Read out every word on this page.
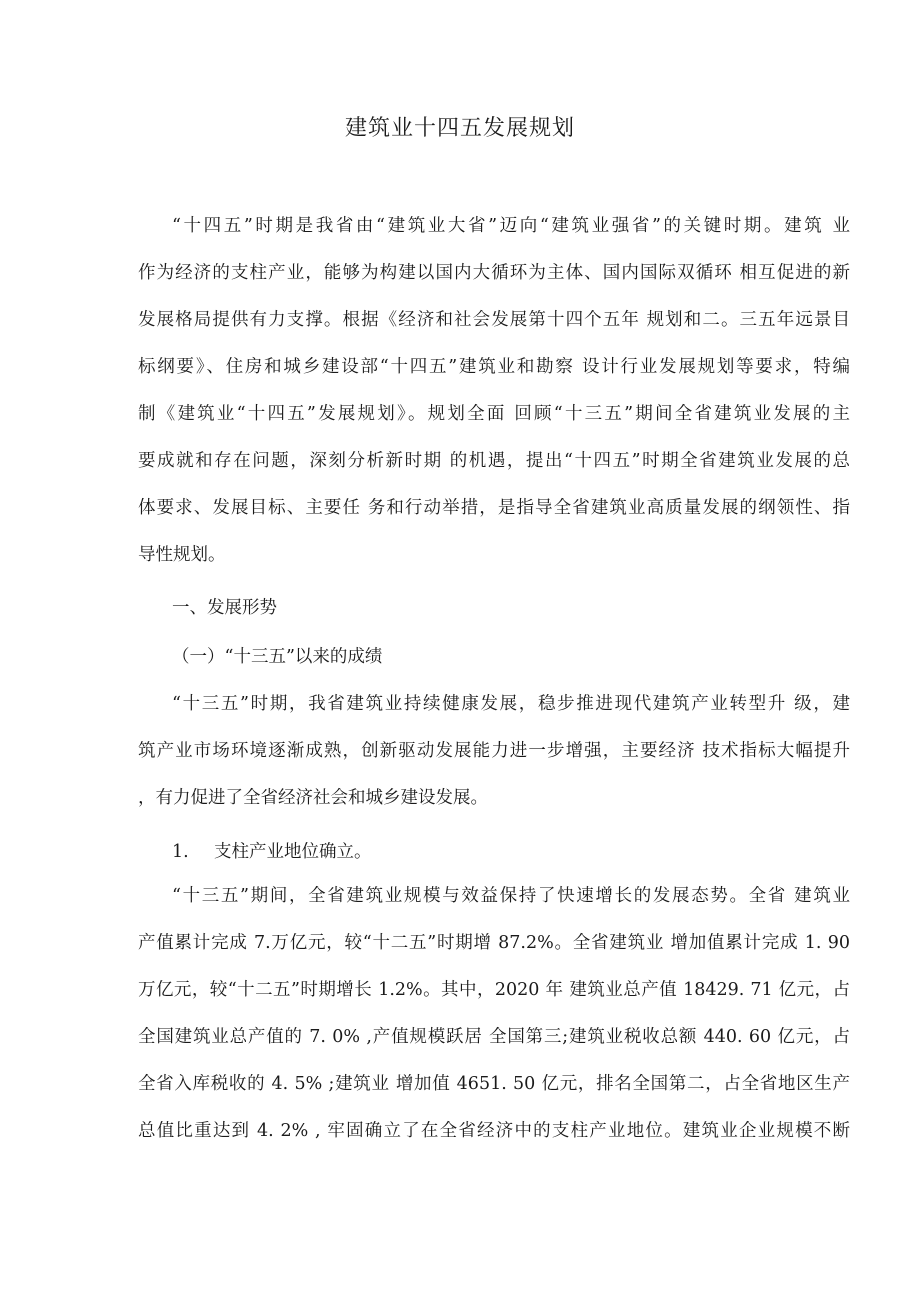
建筑业十四五发展规划
“十四五”时期是我省由“建筑业大省”迈向“建筑业强省”的关键时期。建筑 业
作为经济的支柱产业，能够为构建以国内大循环为主体、国内国际双循环 相互促进的新
发展格局提供有力支撑。根据《经济和社会发展第十四个五年 规划和二。三五年远景目
标纲要》、住房和城乡建设部“十四五”建筑业和勘察 设计行业发展规划等要求，特编
制《建筑业“十四五”发展规划》。规划全面 回顾“十三五”期间全省建筑业发展的主
要成就和存在问题，深刻分析新时期 的机遇，提出“十四五”时期全省建筑业发展的总
体要求、发展目标、主要任 务和行动举措，是指导全省建筑业高质量发展的纲领性、指
导性规划。
一、发展形势
（一）“十三五”以来的成绩
“十三五”时期，我省建筑业持续健康发展，稳步推进现代建筑产业转型升 级，建
筑产业市场环境逐渐成熟，创新驱动发展能力进一步增强，主要经济 技术指标大幅提升
，有力促进了全省经济社会和城乡建设发展。
1. 支柱产业地位确立。
“十三五”期间，全省建筑业规模与效益保持了快速增长的发展态势。全省 建筑业
产值累计完成 7.万亿元，较“十二五”时期增 87.2%。全省建筑业 增加值累计完成 1. 90
万亿元，较“十二五”时期增长 1.2%。其中，2020 年 建筑业总产值 18429. 71 亿元，占
全国建筑业总产值的 7. 0% ,产值规模跃居 全国第三;建筑业税收总额 440. 60 亿元，占
全省入库税收的 4. 5% ;建筑业 增加值 4651. 50 亿元，排名全国第二，占全省地区生产
总值比重达到 4. 2% , 牢固确立了在全省经济中的支柱产业地位。建筑业企业规模不断
